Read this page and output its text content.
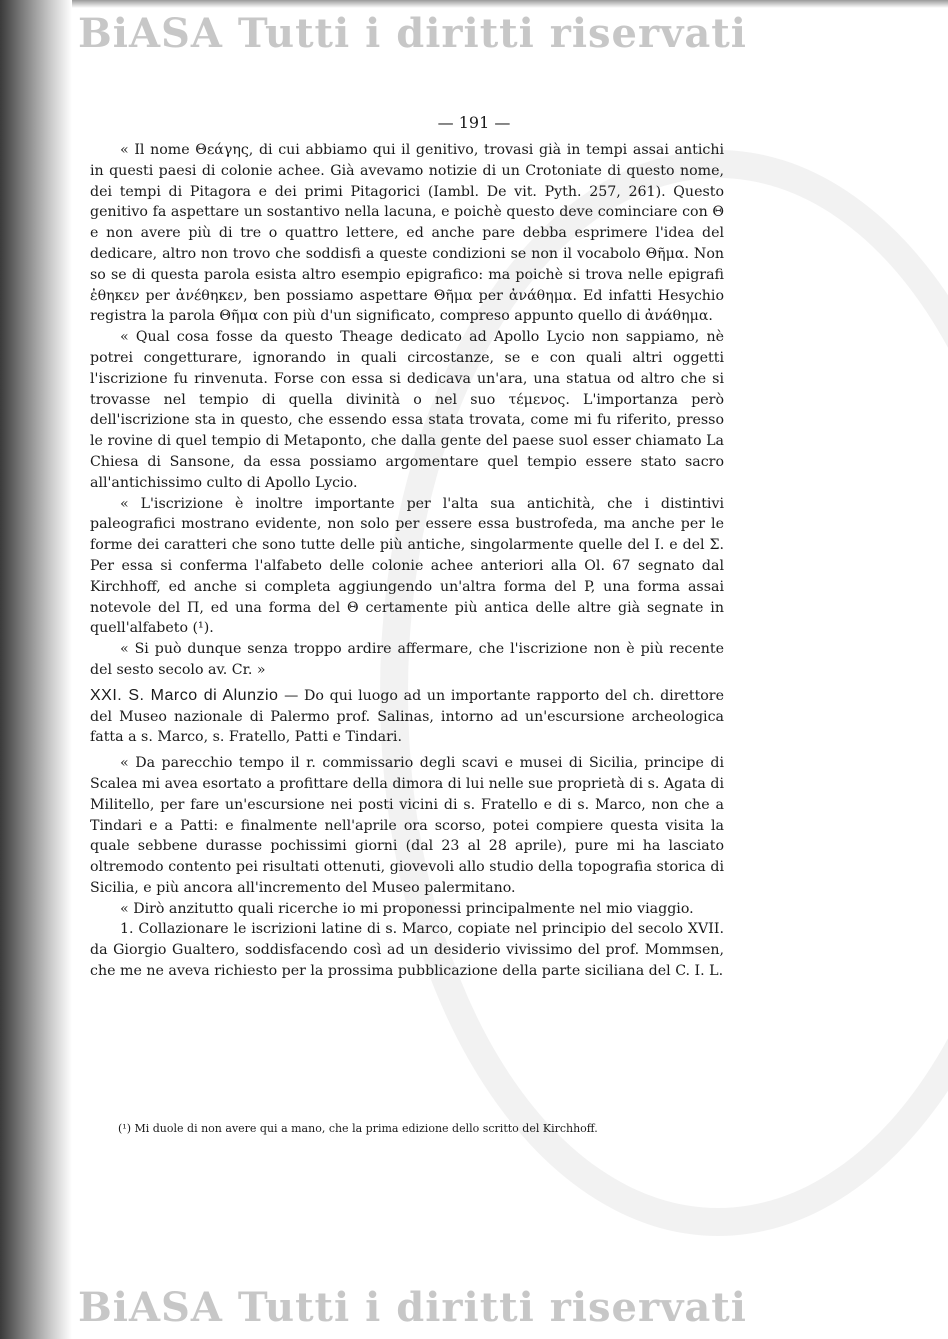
BiASA Tutti i diritti riservati
— 191 —

« Il nome Θεάγης, di cui abbiamo qui il genitivo, trovasi già in tempi assai antichi in questi paesi di colonie achee. Già avevamo notizie di un Crotoniate di questo nome, dei tempi di Pitagora e dei primi Pitagorici (Iambl. De vit. Pyth. 257, 261). Questo genitivo fa aspettare un sostantivo nella lacuna, e poichè questo deve cominciare con Θ e non avere più di tre o quattro lettere, ed anche pare debba esprimere l'idea del dedicare, altro non trovo che soddisfi a queste condizioni se non il vocabolo Θῆμα. Non so se di questa parola esista altro esempio epigrafico: ma poichè si trova nelle epigrafi ἐθηκεν per ἀνέθηκεν, ben possiamo aspettare Θῆμα per ἀνάθημα. Ed infatti Hesychio registra la parola Θῆμα con più d'un significato, compreso appunto quello di ἀνάθημα.

« Qual cosa fosse da questo Theage dedicato ad Apollo Lycio non sappiamo, nè potrei congetturare, ignorando in quali circostanze, se e con quali altri oggetti l'iscrizione fu rinvenuta. Forse con essa si dedicava un'ara, una statua od altro che si trovasse nel tempio di quella divinità o nel suo τέμενος. L'importanza però dell'iscrizione sta in questo, che essendo essa stata trovata, come mi fu riferito, presso le rovine di quel tempio di Metaponto, che dalla gente del paese suol esser chiamato La Chiesa di Sansone, da essa possiamo argomentare quel tempio essere stato sacro all'antichissimo culto di Apollo Lycio.

« L'iscrizione è inoltre importante per l'alta sua antichità, che i distintivi paleografici mostrano evidente, non solo per essere essa bustrofeda, ma anche per le forme dei caratteri che sono tutte delle più antiche, singolarmente quelle del I. e del Σ. Per essa si conferma l'alfabeto delle colonie achee anteriori alla Ol. 67 segnato dal Kirchhoff, ed anche si completa aggiungendo un'altra forma del P, una forma assai notevole del Π, ed una forma del Θ certamente più antica delle altre già segnate in quell'alfabeto (¹).

« Si può dunque senza troppo ardire affermare, che l'iscrizione non è più recente del sesto secolo av. Cr. »

XXI. S. Marco di Alunzio — Do qui luogo ad un importante rapporto del ch. direttore del Museo nazionale di Palermo prof. Salinas, intorno ad un'escursione archeologica fatta a s. Marco, s. Fratello, Patti e Tindari.

« Da parecchio tempo il r. commissario degli scavi e musei di Sicilia, principe di Scalea mi avea esortato a profittare della dimora di lui nelle sue proprietà di s. Agata di Militello, per fare un'escursione nei posti vicini di s. Fratello e di s. Marco, non che a Tindari e a Patti: e finalmente nell'aprile ora scorso, potei compiere questa visita la quale sebbene durasse pochissimi giorni (dal 23 al 28 aprile), pure mi ha lasciato oltremodo contento pei risultati ottenuti, giovevoli allo studio della topografia storica di Sicilia, e più ancora all'incremento del Museo palermitano.

« Dirò anzitutto quali ricerche io mi proponessi principalmente nel mio viaggio.

1. Collazionare le iscrizioni latine di s. Marco, copiate nel principio del secolo XVII. da Giorgio Gualtero, soddisfacendo così ad un desiderio vivissimo del prof. Mommsen, che me ne aveva richiesto per la prossima pubblicazione della parte siciliana del C. I. L.

(¹) Mi duole di non avere qui a mano, che la prima edizione dello scritto del Kirchhoff.
BiASA Tutti i diritti riservati
